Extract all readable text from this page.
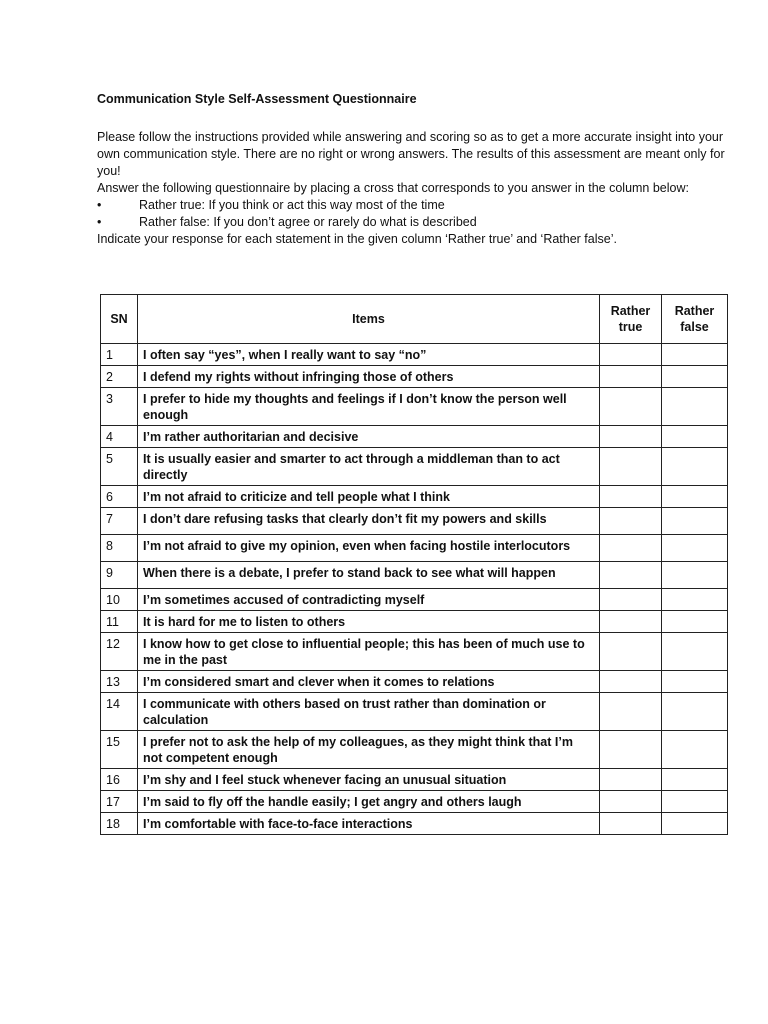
Communication Style Self-Assessment Questionnaire

Please follow the instructions provided while answering and scoring so as to get a more accurate insight into your own communication style. There are no right or wrong answers. The results of this assessment are meant only for you!

Answer the following questionnaire by placing a cross that corresponds to you answer in the column below:

•	Rather true: If you think or act this way most of the time
•	Rather false: If you don’t agree or rarely do what is described

Indicate your response for each statement in the given column ‘Rather true’ and ‘Rather false’.

SN	Items	Rather true	Rather false
1	I often say “yes”, when I really want to say “no”		
2	I defend my rights without infringing those of others		
3	I prefer to hide my thoughts and feelings if I don’t know the person well enough		
4	I’m rather authoritarian and decisive		
5	It is usually easier and smarter to act through a middleman than to act directly		
6	I’m not afraid to criticize and tell people what I think		
7	I don’t dare refusing tasks that clearly don’t fit my powers and skills		
8	I’m not afraid to give my opinion, even when facing hostile interlocutors		
9	When there is a debate, I prefer to stand back to see what will happen		
10	I’m sometimes accused of contradicting myself		
11	It is hard for me to listen to others		
12	I know how to get close to influential people; this has been of much use to me in the past		
13	I’m considered smart and clever when it comes to relations		
14	I communicate with others based on trust rather than domination or calculation		
15	I prefer not to ask the help of my colleagues, as they might think that I’m not competent enough		
16	I’m shy and I feel stuck whenever facing an unusual situation		
17	I’m said to fly off the handle easily; I get angry and others laugh		
18	I’m comfortable with face-to-face interactions		
